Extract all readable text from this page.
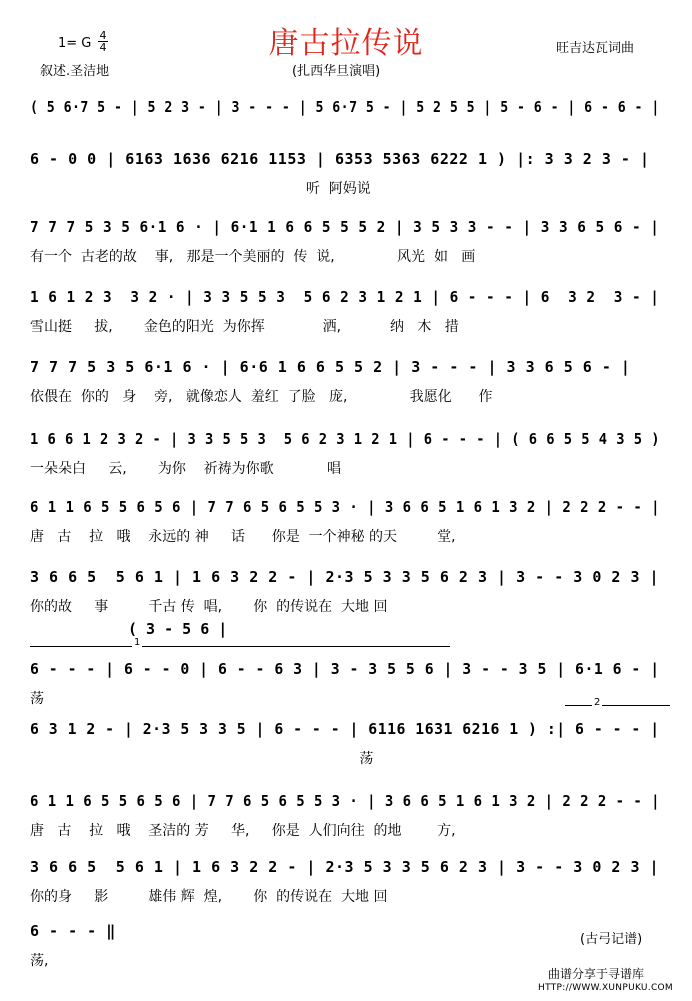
1= G
4
4	唐古拉传说	旺吉达瓦词曲
叙述.圣洁地	(扎西华旦演唱)
( 5 6·7 5 - | 5 2 3 - | 3 - - - | 5 6·7 5 - | 5 2 5 5 | 5 - 6 - | 6 - 6 - |
6 - 0 0 | 6163 1636 6216 1153 | 6353 5363 6222 1 ) |: 3 3 2 3 - |
听  阿妈说
7 7 7 5 3 5 6·1 6 · | 6·1 1 6 6 5 5 5 2 | 3 5 3 3 - - | 3 3 6 5 6 - |
有一个  古老的故    事,   那是一个美丽的  传  说,              风光  如   画
1 6 1 2 3  3 2 · | 3 3 5 5 3  5 6 2 3 1 2 1 | 6 - - - | 6  3 2  3 - |
雪山挺     拔,       金色的阳光  为你挥             洒,           纳   木   措
7 7 7 5 3 5 6·1 6 · | 6·6 1 6 6 5 5 2 | 3 - - - | 3 3 6 5 6 - |
依偎在  你的   身    旁,   就像恋人  羞红  了脸   庞,              我愿化      作
1 6 6 1 2 3 2 - | 3 3 5 5 3  5 6 2 3 1 2 1 | 6 - - - | ( 6 6 5 5 4 3 5 )
一朵朵白     云,       为你    祈祷为你歌            唱
6 1 1 6 5 5 6 5 6 | 7 7 6 5 6 5 5 3 · | 3 6 6 5 1 6 1 3 2 | 2 2 2 - - |
唐   古    拉   哦    永远的 神     话      你是  一个神秘 的天         堂,
3 6 6 5  5 6 1 | 1 6 3 2 2 - | 2·3 5 3 3 5 6 2 3 | 3 - - 3 0 2 3 |
你的故     事         千古 传  唱,       你  的传说在  大地 回
6 - - - | 6 - - 0 | 6 - - 6 3 | 3 - 3 5 5 6 | 3 - - 3 5 | 6·1 6 - |
荡
6 3 1 2 - | 2·3 5 3 3 5 | 6 - - - | 6116 1631 6216 1 ) :| 6 - - - |
荡
6 1 1 6 5 5 6 5 6 | 7 7 6 5 6 5 5 3 · | 3 6 6 5 1 6 1 3 2 | 2 2 2 - - |
唐   古    拉   哦    圣洁的 芳     华,     你是  人们向往  的地        方,
3 6 6 5  5 6 1 | 1 6 3 2 2 - | 2·3 5 3 3 5 6 2 3 | 3 - - 3 0 2 3 |
你的身     影         雄伟 辉  煌,       你  的传说在  大地 回
6 - - - ‖
荡,
1
( 3 - 5 6 |
2
(古弓记谱)
曲谱分享于寻谱库
HTTP://WWW.XUNPUKU.COM
